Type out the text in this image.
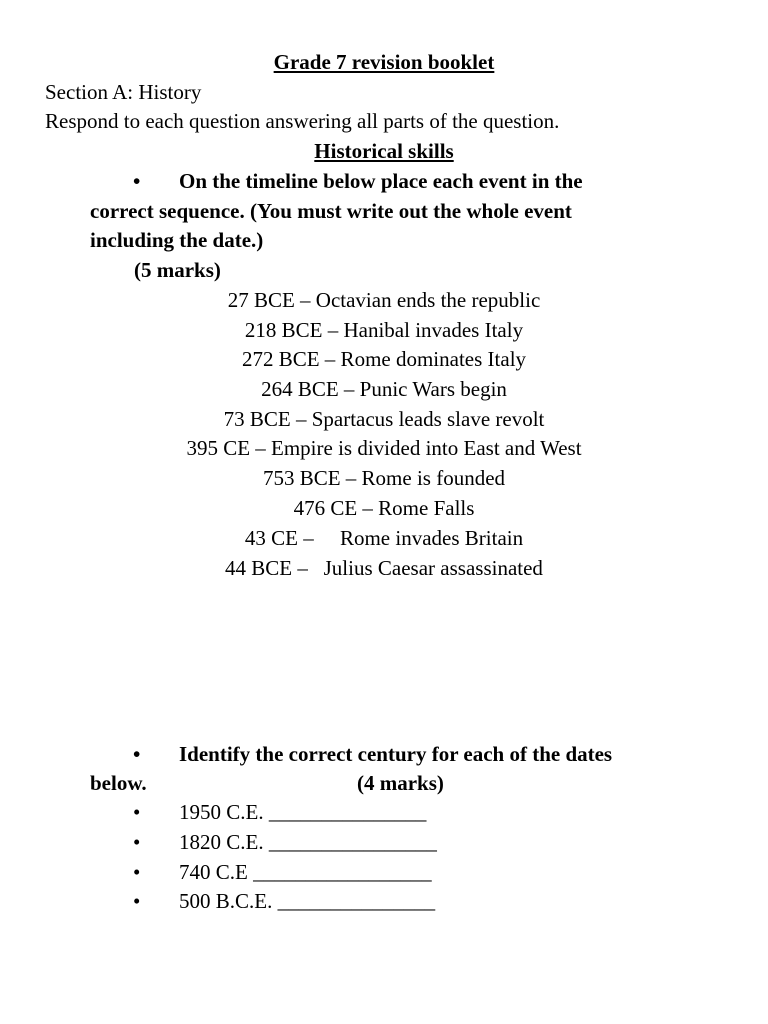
Grade 7 revision booklet
Section A: History
Respond to each question answering all parts of the question.
Historical skills
• On the timeline below place each event in the
correct sequence. (You must write out the whole event
including the date.)
(5 marks)
27 BCE – Octavian ends the republic
218 BCE – Hanibal invades Italy
272 BCE – Rome dominates Italy
264 BCE – Punic Wars begin
73 BCE – Spartacus leads slave revolt
395 CE – Empire is divided into East and West
753 BCE – Rome is founded
476 CE – Rome Falls
43 CE –     Rome invades Britain
44 BCE –   Julius Caesar assassinated
• Identify the correct century for each of the dates
below.	(4 marks)
• 1950 C.E. _______________
• 1820 C.E. ________________
• 740 C.E _________________
• 500 B.C.E. _______________
